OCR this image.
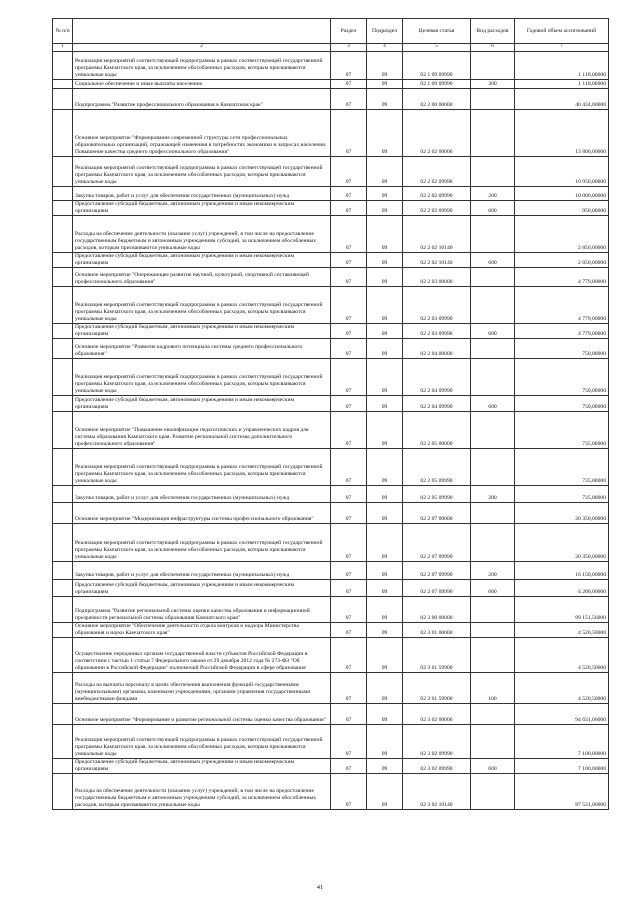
№ п/п		Раздел	Подраздел	Целевая статья	Вид расходов	Годовой объем ассигнований
1	2	3	4	5	6	7
	Реализация мероприятий соответствующей подпрограммы в рамках соответствующей государственной программы Камчатского края, за исключением обособленных расходов, которым присваиваются уникальные коды	07	09	02 1 09 09990		1 118,00000
	Социальное обеспечение и иные выплаты населению	07	09	02 1 09 09990	300	1 118,00000
	Подпрограмма "Развитие профессионального образования в Камчатском крае"	07	09	02 2 00 00000		40 434,00000
	Основное мероприятие "Формирование современной структуры сети профессиональных образовательных организаций, отражающей изменения в потребностях экономики и запросах населения. Повышение качества среднего профессионального образования"	07	09	02 2 02 00000		13 800,00000
	Реализация мероприятий соответствующей подпрограммы в рамках соответствующей государственной программы Камчатского края, за исключением обособленных расходов, которым присваиваются уникальные коды	07	09	02 2 02 09990		10 950,00000
	Закупка товаров, работ и услуг для обеспечения государственных (муниципальных) нужд	07	09	02 2 02 09990	200	10 000,00000
	Предоставление субсидий бюджетным, автономным учреждениям и иным некоммерческим организациям	07	09	02 2 02 09990	600	950,00000
	Расходы на обеспечение деятельности (оказание услуг) учреждений, в том числе на предоставление государственным бюджетным и автономным учреждениям субсидий, за исключением обособленных расходов, которым присваиваются уникальные коды	07	09	02 2 02 10140		2 850,00000
	Предоставление субсидий бюджетным, автономным учреждениям и иным некоммерческим организациям	07	09	02 2 02 10140	600	2 850,00000
	Основное мероприятие "Опережающее развитие научной, культурной, спортивной составляющей профессионального образования"	07	09	02 2 03 00000		4 779,00000
	Реализация мероприятий соответствующей подпрограммы в рамках соответствующей государственной программы Камчатского края, за исключением обособленных расходов, которым присваиваются уникальные коды	07	09	02 2 03 09990		4 779,00000
	Предоставление субсидий бюджетным, автономным учреждениям и иным некоммерческим организациям	07	09	02 2 03 09990	600	4 779,00000
	Основное мероприятие "Развитие кадрового потенциала системы среднего профессионального образования"	07	09	02 2 04 00000		750,00000
	Реализация мероприятий соответствующей подпрограммы в рамках соответствующей государственной программы Камчатского края, за исключением обособленных расходов, которым присваиваются уникальные коды	07	09	02 2 04 09990		750,00000
	Предоставление субсидий бюджетным, автономным учреждениям и иным некоммерческим организациям	07	09	02 2 04 09990	600	750,00000
	Основное мероприятие "Повышение квалификации педагогических и управленческих кадров для системы образования Камчатского края. Развитие региональной системы дополнительного профессионального образования"	07	09	02 2 05 00000		735,00000
	Реализация мероприятий соответствующей подпрограммы в рамках соответствующей государственной программы Камчатского края, за исключением обособленных расходов, которым присваиваются уникальные коды	07	09	02 2 05 09990		735,00000
	Закупка товаров, работ и услуг для обеспечения государственных (муниципальных) нужд	07	09	02 2 05 09990	200	735,00000
	Основное мероприятие "Модернизация инфраструктуры системы профессионального образования"	07	09	02 2 07 00000		20 350,00000
	Реализация мероприятий соответствующей подпрограммы в рамках соответствующей государственной программы Камчатского края, за исключением обособленных расходов, которым присваиваются уникальные коды	07	09	02 2 07 09990		20 350,00000
	Закупка товаров, работ и услуг для обеспечения государственных (муниципальных) нужд	07	09	02 2 07 09990	200	16 150,00000
	Предоставление субсидий бюджетным, автономным учреждениям и иным некоммерческим организациям	07	09	02 2 07 09990	600	4 200,00000
	Подпрограмма "Развитие региональной системы оценки качества образования и информационной прозрачности региональной системы образования Камчатского края"	07	09	02 3 00 00000		99 151,56000
	Основное мероприятие "Обеспечение деятельности отдела контроля и надзора Министерства образования и науки Камчатского края"	07	09	02 3 01 00000		4 520,50000
	Осуществление переданных органам государственной власти субъектов Российской Федерации в соответствии с частью 1 статьи 7 Федерального закона от 29 декабря 2012 года № 273-ФЗ "Об образовании в Российской Федерации" полномочий Российской Федерации в сфере образования	07	09	02 3 01 59900		4 520,50000
	Расходы на выплаты персоналу в целях обеспечения выполнения функций государственными (муниципальными) органами, казенными учреждениями, органами управления государственными внебюджетными фондами	07	09	02 3 01 59900	100	4 520,50000
	Основное мероприятие "Формирование и развитие региональной системы оценки качества образования"	07	09	02 3 02 00000		94 631,06000
	Реализация мероприятий соответствующей подпрограммы в рамках соответствующей государственной программы Камчатского края, за исключением обособленных расходов, которым присваиваются уникальные коды	07	09	02 3 02 09990		7 100,00000
	Предоставление субсидий бюджетным, автономным учреждениям и иным некоммерческим организациям	07	09	02 3 02 09990	600	7 100,00000
	Расходы на обеспечение деятельности (оказание услуг) учреждений, в том числе на предоставление государственным бюджетным и автономным учреждениям субсидий, за исключением обособленных расходов, которым присваиваются уникальные коды	07	09	02 3 02 10140		87 531,06000
41
